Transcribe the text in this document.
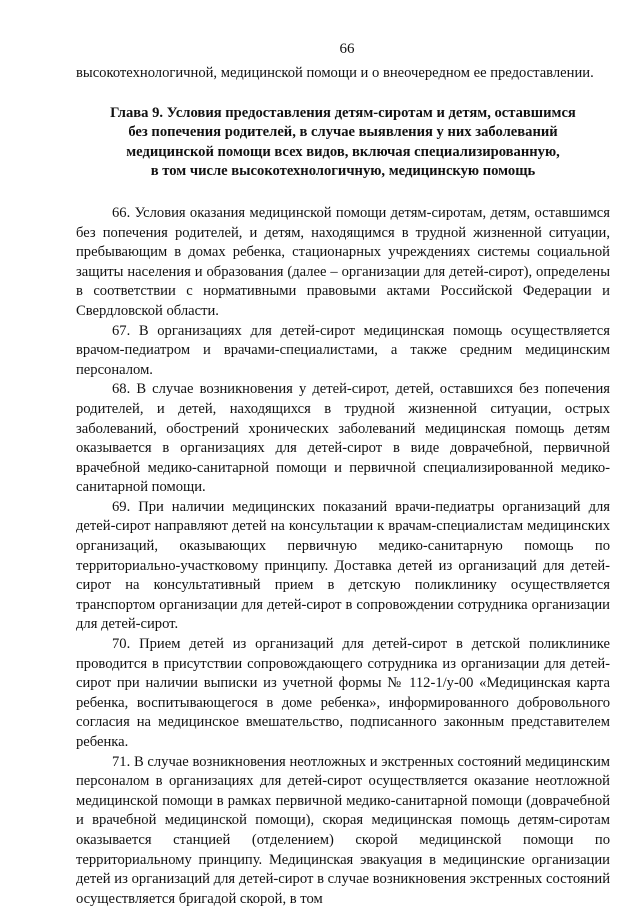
66

высокотехнологичной, медицинской помощи и о внеочередном ее предоставлении.

Глава 9. Условия предоставления детям-сиротам и детям, оставшимся
без попечения родителей, в случае выявления у них заболеваний
медицинской помощи всех видов, включая специализированную,
в том числе высокотехнологичную, медицинскую помощь

66. Условия оказания медицинской помощи детям-сиротам, детям, оставшимся без попечения родителей, и детям, находящимся в трудной жизненной ситуации, пребывающим в домах ребенка, стационарных учреждениях системы социальной защиты населения и образования (далее – организации для детей-сирот), определены в соответствии с нормативными правовыми актами Российской Федерации и Свердловской области.

67. В организациях для детей-сирот медицинская помощь осуществляется врачом-педиатром и врачами-специалистами, а также средним медицинским персоналом.

68. В случае возникновения у детей-сирот, детей, оставшихся без попечения родителей, и детей, находящихся в трудной жизненной ситуации, острых заболеваний, обострений хронических заболеваний медицинская помощь детям оказывается в организациях для детей-сирот в виде доврачебной, первичной врачебной медико-санитарной помощи и первичной специализированной медико-санитарной помощи.

69. При наличии медицинских показаний врачи-педиатры организаций для детей-сирот направляют детей на консультации к врачам-специалистам медицинских организаций, оказывающих первичную медико-санитарную помощь по территориально-участковому принципу. Доставка детей из организаций для детей-сирот на консультативный прием в детскую поликлинику осуществляется транспортом организации для детей-сирот в сопровождении сотрудника организации для детей-сирот.

70. Прием детей из организаций для детей-сирот в детской поликлинике проводится в присутствии сопровождающего сотрудника из организации для детей-сирот при наличии выписки из учетной формы № 112-1/у-00 «Медицинская карта ребенка, воспитывающегося в доме ребенка», информированного добровольного согласия на медицинское вмешательство, подписанного законным представителем ребенка.

71. В случае возникновения неотложных и экстренных состояний медицинским персоналом в организациях для детей-сирот осуществляется оказание неотложной медицинской помощи в рамках первичной медико-санитарной помощи (доврачебной и врачебной медицинской помощи), скорая медицинская помощь детям-сиротам оказывается станцией (отделением) скорой медицинской помощи по территориальному принципу. Медицинская эвакуация в медицинские организации детей из организаций для детей-сирот в случае возникновения экстренных состояний осуществляется бригадой скорой, в том
